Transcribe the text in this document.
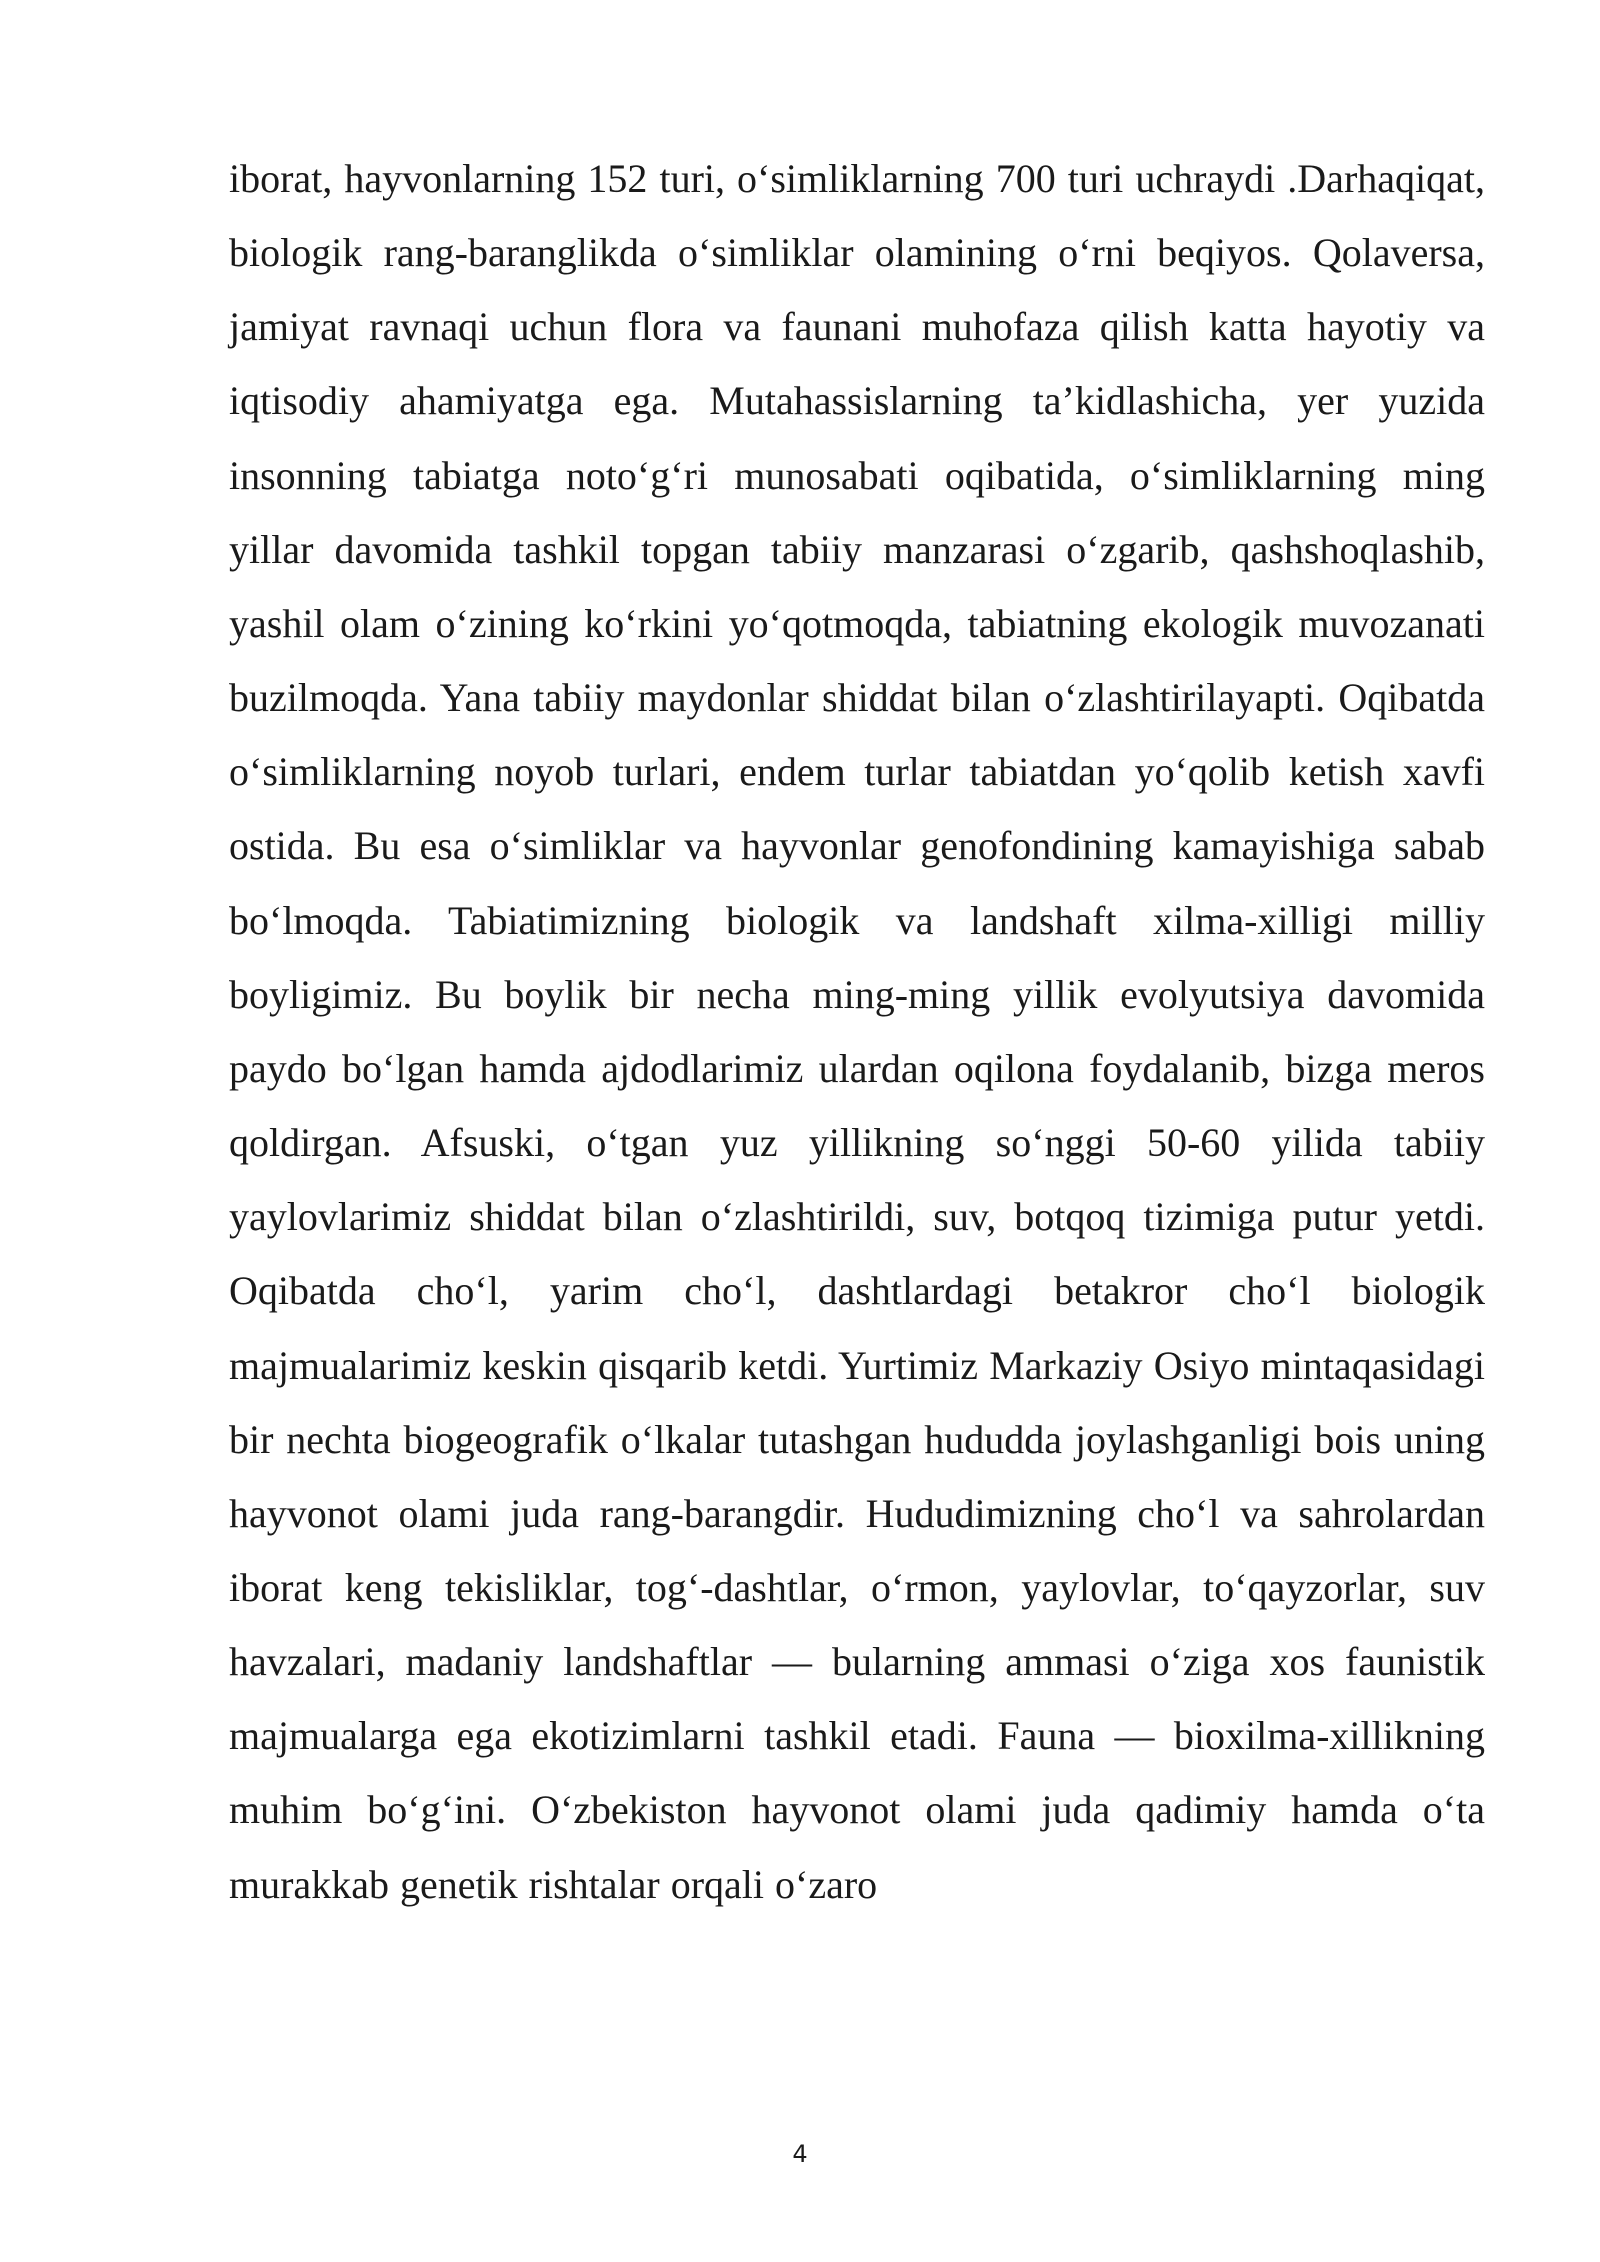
iborat, hayvonlarning 152 turi, o‘simliklarning 700 turi uchraydi .Darhaqiqat, biologik rang-baranglikda o‘simliklar olamining o‘rni beqiyos. Qolaversa, jamiyat ravnaqi uchun flora va faunani muhofaza qilish katta hayotiy va iqtisodiy ahamiyatga ega. Mutahassislarning ta’kidlashicha, yer yuzida insonning tabiatga noto‘g‘ri munosabati oqibatida, o‘simliklarning ming yillar davomida tashkil topgan tabiiy manzarasi o‘zgarib, qashshoqlashib, yashil olam o‘zining ko‘rkini yo‘qotmoqda, tabiatning ekologik muvozanati buzilmoqda. Yana tabiiy maydonlar shiddat bilan o‘zlashtirilayapti. Oqibatda o‘simliklarning noyob turlari, endem turlar tabiatdan yo‘qolib ketish xavfi ostida. Bu esa o‘simliklar va hayvonlar genofondining kamayishiga sabab bo‘lmoqda. Tabiatimizning biologik va landshaft xilma-xilligi milliy boyligimiz. Bu boylik bir necha ming-ming yillik evolyutsiya davomida paydo bo‘lgan hamda ajdodlarimiz ulardan oqilona foydalanib, bizga meros qoldirgan. Afsuski, o‘tgan yuz yillikning so‘nggi 50-60 yilida tabiiy yaylovlarimiz shiddat bilan o‘zlashtirildi, suv, botqoq tizimiga putur yetdi. Oqibatda cho‘l, yarim cho‘l, dashtlardagi betakror cho‘l biologik majmualarimiz keskin qisqarib ketdi. Yurtimiz Markaziy Osiyo mintaqasidagi bir nechta biogeografik o‘lkalar tutashgan hududda joylashganligi bois uning hayvonot olami juda rang-barangdir. Hududimizning cho‘l va sahrolardan iborat keng tekisliklar, tog‘-dashtlar, o‘rmon, yaylovlar, to‘qayzorlar, suv havzalari, madaniy landshaftlar — bularning ammasi o‘ziga xos faunistik majmualarga ega ekotizimlarni tashkil etadi. Fauna — bioxilma-xillikning muhim bo‘g‘ini. O‘zbekiston hayvonot olami juda qadimiy hamda o‘ta murakkab genetik rishtalar orqali o‘zaro

4
